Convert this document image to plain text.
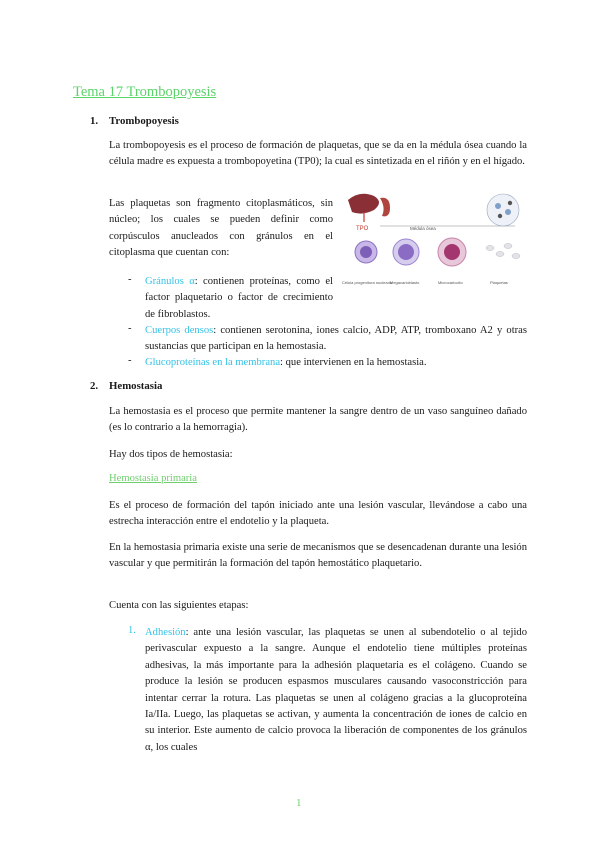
Tema 17 Trombopoyesis
1. Trombopoyesis

La trombopoyesis es el proceso de formación de plaquetas, que se da en la médula ósea cuando la célula madre es expuesta a trombopoyetina (TP0); la cual es sintetizada en el riñón y en el hígado.

Las plaquetas son fragmento citoplasmáticos, sin núcleo; los cuales se pueden definir como corpúsculos anucleados con gránulos en el citoplasma que cuentan con:

TPO	Médula ósea
Célula progenitora nucleada
Megacarioblasto	Microcariocito	Plaquetas
- Gránulos α: contienen proteínas, como el factor plaquetario o factor de crecimiento de fibroblastos.

- Cuerpos densos: contienen serotonina, iones calcio, ADP, ATP, tromboxano A2 y otras sustancias que participan en la hemostasia.

- Glucoproteínas en la membrana: que intervienen en la hemostasia.

2. Hemostasia

La hemostasia es el proceso que permite mantener la sangre dentro de un vaso sanguíneo dañado (es lo contrario a la hemorragia).

Hay dos tipos de hemostasia:

Hemostasia primaria

Es el proceso de formación del tapón iniciado ante una lesión vascular, llevándose a cabo una estrecha interacción entre el endotelio y la plaqueta.

En la hemostasia primaria existe una serie de mecanismos que se desencadenan durante una lesión vascular y que permitirán la formación del tapón hemostático plaquetario.

Cuenta con las siguientes etapas:

1. Adhesión: ante una lesión vascular, las plaquetas se unen al subendotelio o al tejido perivascular expuesto a la sangre. Aunque el endotelio tiene múltiples proteínas adhesivas, la más importante para la adhesión plaquetaria es el colágeno. Cuando se produce la lesión se producen espasmos musculares causando vasoconstricción para intentar cerrar la rotura. Las plaquetas se unen al colágeno gracias a la glucoproteína Ia/IIa. Luego, las plaquetas se activan, y aumenta la concentración de iones de calcio en su interior. Este aumento de calcio provoca la liberación de componentes de los gránulos α, los cuales

1
